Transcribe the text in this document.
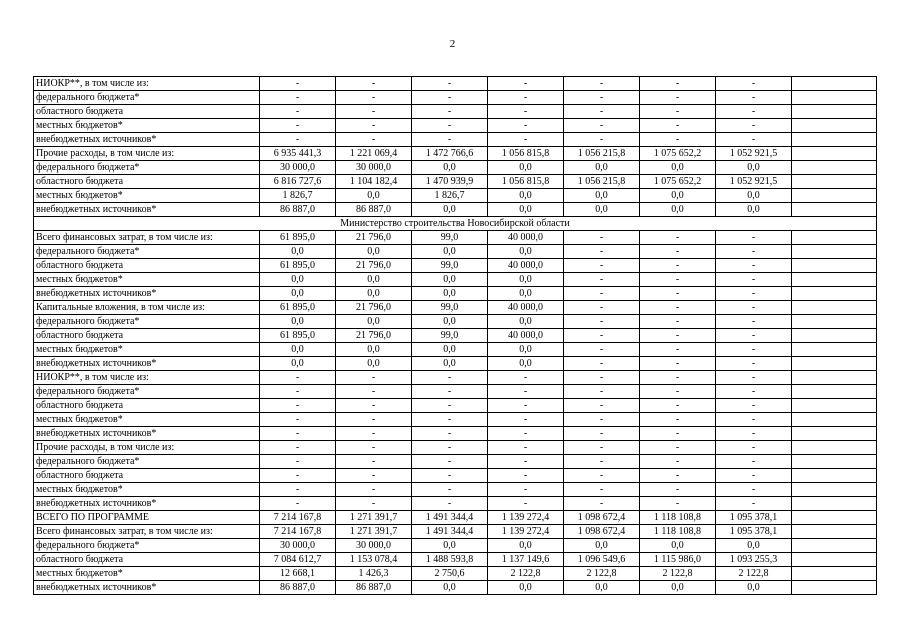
2
НИОКР**, в том числе из:	-	-	-	-	-	-	-	
федерального бюджета*	-	-	-	-	-	-	-	
областного бюджета	-	-	-	-	-	-	-	
местных бюджетов*	-	-	-	-	-	-	-	
внебюджетных источников*	-	-	-	-	-	-	-	
Прочие расходы, в том числе из:	6 935 441,3	1 221 069,4	1 472 766,6	1 056 815,8	1 056 215,8	1 075 652,2	1 052 921,5	
федерального бюджета*	30 000,0	30 000,0	0,0	0,0	0,0	0,0	0,0	
областного бюджета	6 816 727,6	1 104 182,4	1 470 939,9	1 056 815,8	1 056 215,8	1 075 652,2	1 052 921,5	
местных бюджетов*	1 826,7	0,0	1 826,7	0,0	0,0	0,0	0,0	
внебюджетных источников*	86 887,0	86 887,0	0,0	0,0	0,0	0,0	0,0	
Министерство строительства Новосибирской области								
Всего финансовых затрат, в том числе из:	61 895,0	21 796,0	99,0	40 000,0	-	-	-	
федерального бюджета*	0,0	0,0	0,0	0,0	-	-	-	
областного бюджета	61 895,0	21 796,0	99,0	40 000,0	-	-	-	
местных бюджетов*	0,0	0,0	0,0	0,0	-	-	-	
внебюджетных источников*	0,0	0,0	0,0	0,0	-	-	-	
Капитальные вложения, в том числе из:	61 895,0	21 796,0	99,0	40 000,0	-	-	-	
федерального бюджета*	0,0	0,0	0,0	0,0	-	-	-	
областного бюджета	61 895,0	21 796,0	99,0	40 000,0	-	-	-	
местных бюджетов*	0,0	0,0	0,0	0,0	-	-	-	
внебюджетных источников*	0,0	0,0	0,0	0,0	-	-	-	
НИОКР**, в том числе из:	-	-	-	-	-	-	-	
федерального бюджета*	-	-	-	-	-	-	-	
областного бюджета	-	-	-	-	-	-	-	
местных бюджетов*	-	-	-	-	-	-	-	
внебюджетных источников*	-	-	-	-	-	-	-	
Прочие расходы, в том числе из:	-	-	-	-	-	-	-	
федерального бюджета*	-	-	-	-	-	-	-	
областного бюджета	-	-	-	-	-	-	-	
местных бюджетов*	-	-	-	-	-	-	-	
внебюджетных источников*	-	-	-	-	-	-	-	
ВСЕГО ПО ПРОГРАММЕ	7 214 167,8	1 271 391,7	1 491 344,4	1 139 272,4	1 098 672,4	1 118 108,8	1 095 378,1	
Всего финансовых затрат, в том числе из:	7 214 167,8	1 271 391,7	1 491 344,4	1 139 272,4	1 098 672,4	1 118 108,8	1 095 378,1	
федерального бюджета*	30 000,0	30 000,0	0,0	0,0	0,0	0,0	0,0	
областного бюджета	7 084 612,7	1 153 078,4	1 488 593,8	1 137 149,6	1 096 549,6	1 115 986,0	1 093 255,3	
местных бюджетов*	12 668,1	1 426,3	2 750,6	2 122,8	2 122,8	2 122,8	2 122,8	
внебюджетных источников*	86 887,0	86 887,0	0,0	0,0	0,0	0,0	0,0	
